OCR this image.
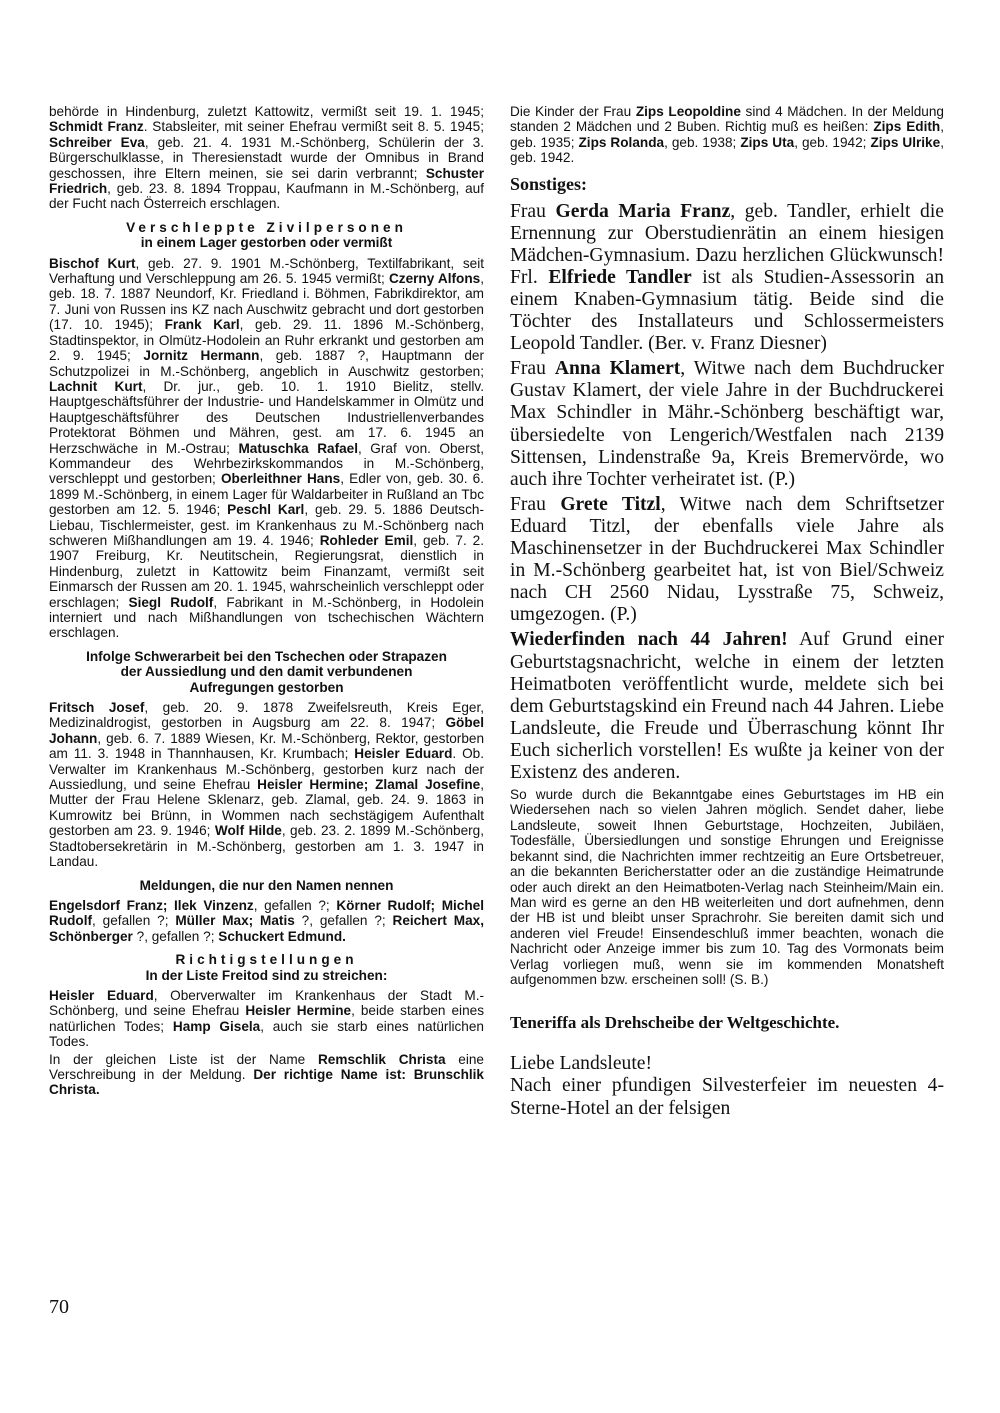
behörde in Hindenburg, zuletzt Kattowitz, vermißt seit 19. 1. 1945; Schmidt Franz. Stabsleiter, mit seiner Ehefrau vermißt seit 8. 5. 1945; Schreiber Eva, geb. 21. 4. 1931 M.-Schönberg, Schülerin der 3. Bürgerschulklasse, in Theresienstadt wurde der Omnibus in Brand geschossen, ihre Eltern meinen, sie sei darin verbrannt; Schuster Friedrich, geb. 23. 8. 1894 Troppau, Kaufmann in M.-Schönberg, auf der Fucht nach Österreich erschlagen.

Verschleppte Zivilpersonen
in einem Lager gestorben oder vermißt

Bischof Kurt, geb. 27. 9. 1901 M.-Schönberg, Textilfabrikant, seit Verhaftung und Verschleppung am 26. 5. 1945 vermißt; Czerny Alfons, geb. 18. 7. 1887 Neundorf, Kr. Friedland i. Böhmen, Fabrikdirektor, am 7. Juni von Russen ins KZ nach Auschwitz gebracht und dort gestorben (17. 10. 1945); Frank Karl, geb. 29. 11. 1896 M.-Schönberg, Stadtinspektor, in Olmütz-Hodolein an Ruhr erkrankt und gestorben am 2. 9. 1945; Jornitz Hermann, geb. 1887 ?, Hauptmann der Schutzpolizei in M.-Schönberg, angeblich in Auschwitz gestorben; Lachnit Kurt, Dr. jur., geb. 10. 1. 1910 Bielitz, stellv. Hauptgeschäftsführer der Industrie- und Handelskammer in Olmütz und Hauptgeschäftsführer des Deutschen Industriellenverbandes Protektorat Böhmen und Mähren, gest. am 17. 6. 1945 an Herzschwäche in M.-Ostrau; Matuschka Rafael, Graf von. Oberst, Kommandeur des Wehrbezirkskommandos in M.-Schönberg, verschleppt und gestorben; Oberleithner Hans, Edler von, geb. 30. 6. 1899 M.-Schönberg, in einem Lager für Waldarbeiter in Rußland an Tbc gestorben am 12. 5. 1946; Peschl Karl, geb. 29. 5. 1886 Deutsch-Liebau, Tischlermeister, gest. im Krankenhaus zu M.-Schönberg nach schweren Mißhandlungen am 19. 4. 1946; Rohleder Emil, geb. 7. 2. 1907 Freiburg, Kr. Neutitschein, Regierungsrat, dienstlich in Hindenburg, zuletzt in Kattowitz beim Finanzamt, vermißt seit Einmarsch der Russen am 20. 1. 1945, wahrscheinlich verschleppt oder erschlagen; Siegl Rudolf, Fabrikant in M.-Schönberg, in Hodolein interniert und nach Mißhandlungen von tschechischen Wächtern erschlagen.

Infolge Schwerarbeit bei den Tschechen oder Strapazen
der Aussiedlung und den damit verbundenen
Aufregungen gestorben

Fritsch Josef, geb. 20. 9. 1878 Zweifelsreuth, Kreis Eger, Medizinaldrogist, gestorben in Augsburg am 22. 8. 1947; Göbel Johann, geb. 6. 7. 1889 Wiesen, Kr. M.-Schönberg, Rektor, gestorben am 11. 3. 1948 in Thannhausen, Kr. Krumbach; Heisler Eduard. Ob. Verwalter im Krankenhaus M.-Schönberg, gestorben kurz nach der Aussiedlung, und seine Ehefrau Heisler Hermine; Zlamal Josefine, Mutter der Frau Helene Sklenarz, geb. Zlamal, geb. 24. 9. 1863 in Kumrowitz bei Brünn, in Wommen nach sechstägigem Aufenthalt gestorben am 23. 9. 1946; Wolf Hilde, geb. 23. 2. 1899 M.-Schönberg, Stadtobersekretärin in M.-Schönberg, gestorben am 1. 3. 1947 in Landau.

Meldungen, die nur den Namen nennen

Engelsdorf Franz; Ilek Vinzenz, gefallen ?; Körner Rudolf; Michel Rudolf, gefallen ?; Müller Max; Matis ?, gefallen ?; Reichert Max, Schönberger ?, gefallen ?; Schuckert Edmund.

Richtigstellungen
In der Liste Freitod sind zu streichen:

Heisler Eduard, Oberverwalter im Krankenhaus der Stadt M.-Schönberg, und seine Ehefrau Heisler Hermine, beide starben eines natürlichen Todes; Hamp Gisela, auch sie starb eines natürlichen Todes.

In der gleichen Liste ist der Name Remschlik Christa eine Verschreibung in der Meldung. Der richtige Name ist: Brunschlik Christa.

Die Kinder der Frau Zips Leopoldine sind 4 Mädchen. In der Meldung standen 2 Mädchen und 2 Buben. Richtig muß es heißen: Zips Edith, geb. 1935; Zips Rolanda, geb. 1938; Zips Uta, geb. 1942; Zips Ulrike, geb. 1942.

Sonstiges:

Frau Gerda Maria Franz, geb. Tandler, erhielt die Ernennung zur Oberstudienrätin an einem hiesigen Mädchen-Gymnasium. Dazu herzlichen Glückwunsch! Frl. Elfriede Tandler ist als Studien-Assessorin an einem Knaben-Gymnasium tätig. Beide sind die Töchter des Installateurs und Schlossermeisters Leopold Tandler. (Ber. v. Franz Diesner)

Frau Anna Klamert, Witwe nach dem Buchdrucker Gustav Klamert, der viele Jahre in der Buchdruckerei Max Schindler in Mähr.-Schönberg beschäftigt war, übersiedelte von Lengerich/Westfalen nach 2139 Sittensen, Lindenstraße 9a, Kreis Bremervörde, wo auch ihre Tochter verheiratet ist. (P.)

Frau Grete Titzl, Witwe nach dem Schriftsetzer Eduard Titzl, der ebenfalls viele Jahre als Maschinensetzer in der Buchdruckerei Max Schindler in M.-Schönberg gearbeitet hat, ist von Biel/Schweiz nach CH 2560 Nidau, Lysstraße 75, Schweiz, umgezogen. (P.)

Wiederfinden nach 44 Jahren! Auf Grund einer Geburtstagsnachricht, welche in einem der letzten Heimatboten veröffentlicht wurde, meldete sich bei dem Geburtstagskind ein Freund nach 44 Jahren. Liebe Landsleute, die Freude und Überraschung könnt Ihr Euch sicherlich vorstellen! Es wußte ja keiner von der Existenz des anderen.

So wurde durch die Bekanntgabe eines Geburtstages im HB ein Wiedersehen nach so vielen Jahren möglich. Sendet daher, liebe Landsleute, soweit Ihnen Geburtstage, Hochzeiten, Jubiläen, Todesfälle, Übersiedlungen und sonstige Ehrungen und Ereignisse bekannt sind, die Nachrichten immer rechtzeitig an Eure Ortsbetreuer, an die bekannten Bericherstatter oder an die zuständige Heimatrunde oder auch direkt an den Heimatboten-Verlag nach Steinheim/Main ein. Man wird es gerne an den HB weiterleiten und dort aufnehmen, denn der HB ist und bleibt unser Sprachrohr. Sie bereiten damit sich und anderen viel Freude! Einsendeschluß immer beachten, wonach die Nachricht oder Anzeige immer bis zum 10. Tag des Vormonats beim Verlag vorliegen muß, wenn sie im kommenden Monatsheft aufgenommen bzw. erscheinen soll! (S. B.)

Teneriffa als Drehscheibe der Weltgeschichte.

Liebe Landsleute!

Nach einer pfundigen Silvesterfeier im neuesten 4-Sterne-Hotel an der felsigen

70
